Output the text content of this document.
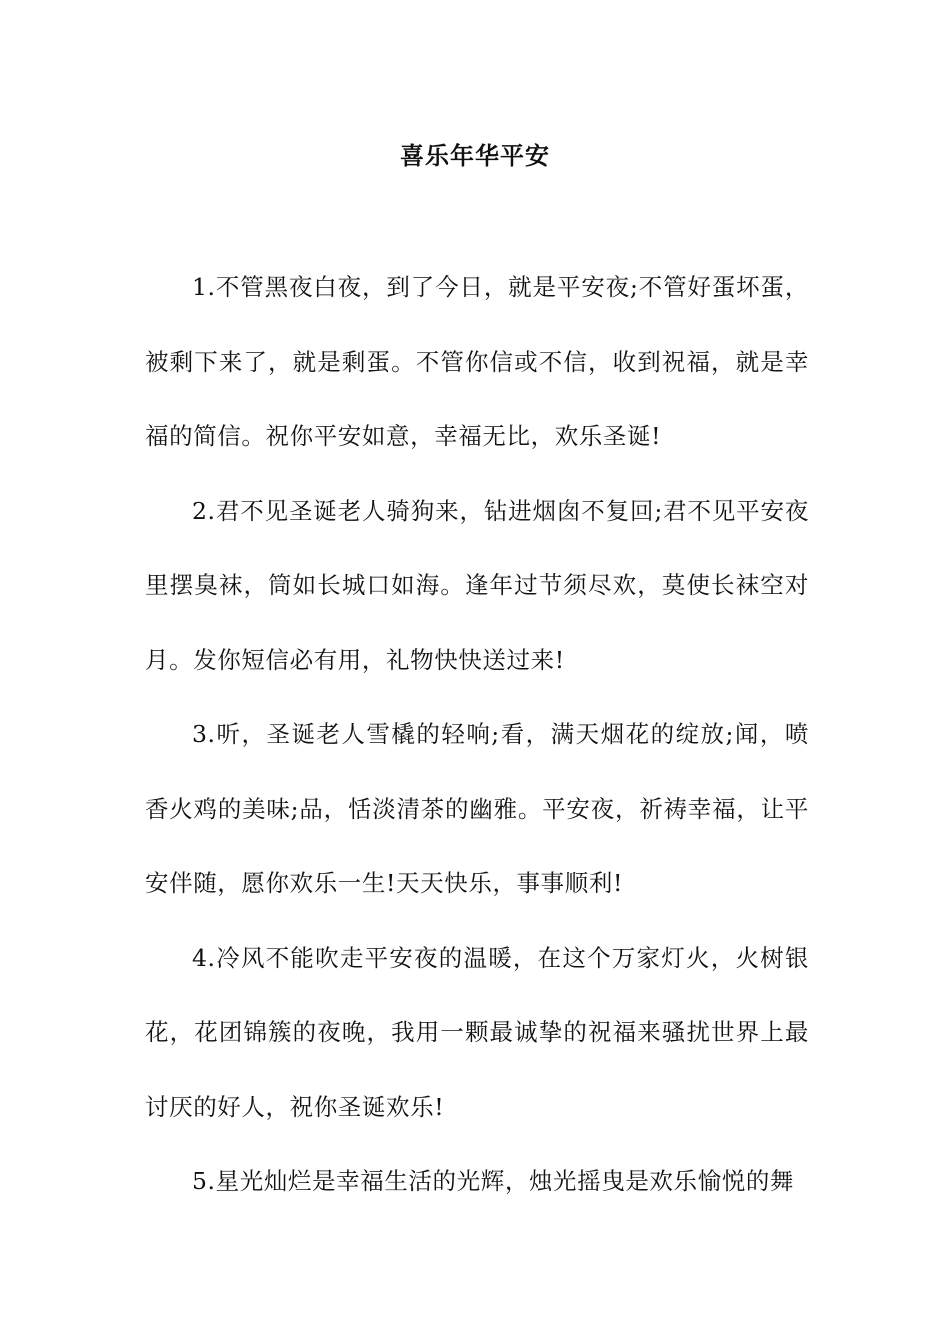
喜乐年华平安

1.不管黑夜白夜，到了今日，就是平安夜;不管好蛋坏蛋，被剩下来了，就是剩蛋。不管你信或不信，收到祝福，就是幸福的简信。祝你平安如意，幸福无比，欢乐圣诞!

2.君不见圣诞老人骑狗来，钻进烟囱不复回;君不见平安夜里摆臭袜，筒如长城口如海。逢年过节须尽欢，莫使长袜空对月。发你短信必有用，礼物快快送过来!

3.听，圣诞老人雪橇的轻响;看，满天烟花的绽放;闻，喷香火鸡的美味;品，恬淡清茶的幽雅。平安夜，祈祷幸福，让平安伴随，愿你欢乐一生!天天快乐，事事顺利!

4.冷风不能吹走平安夜的温暖，在这个万家灯火，火树银花，花团锦簇的夜晚，我用一颗最诚挚的祝福来骚扰世界上最讨厌的好人，祝你圣诞欢乐!

5.星光灿烂是幸福生活的光辉，烛光摇曳是欢乐愉悦的舞
